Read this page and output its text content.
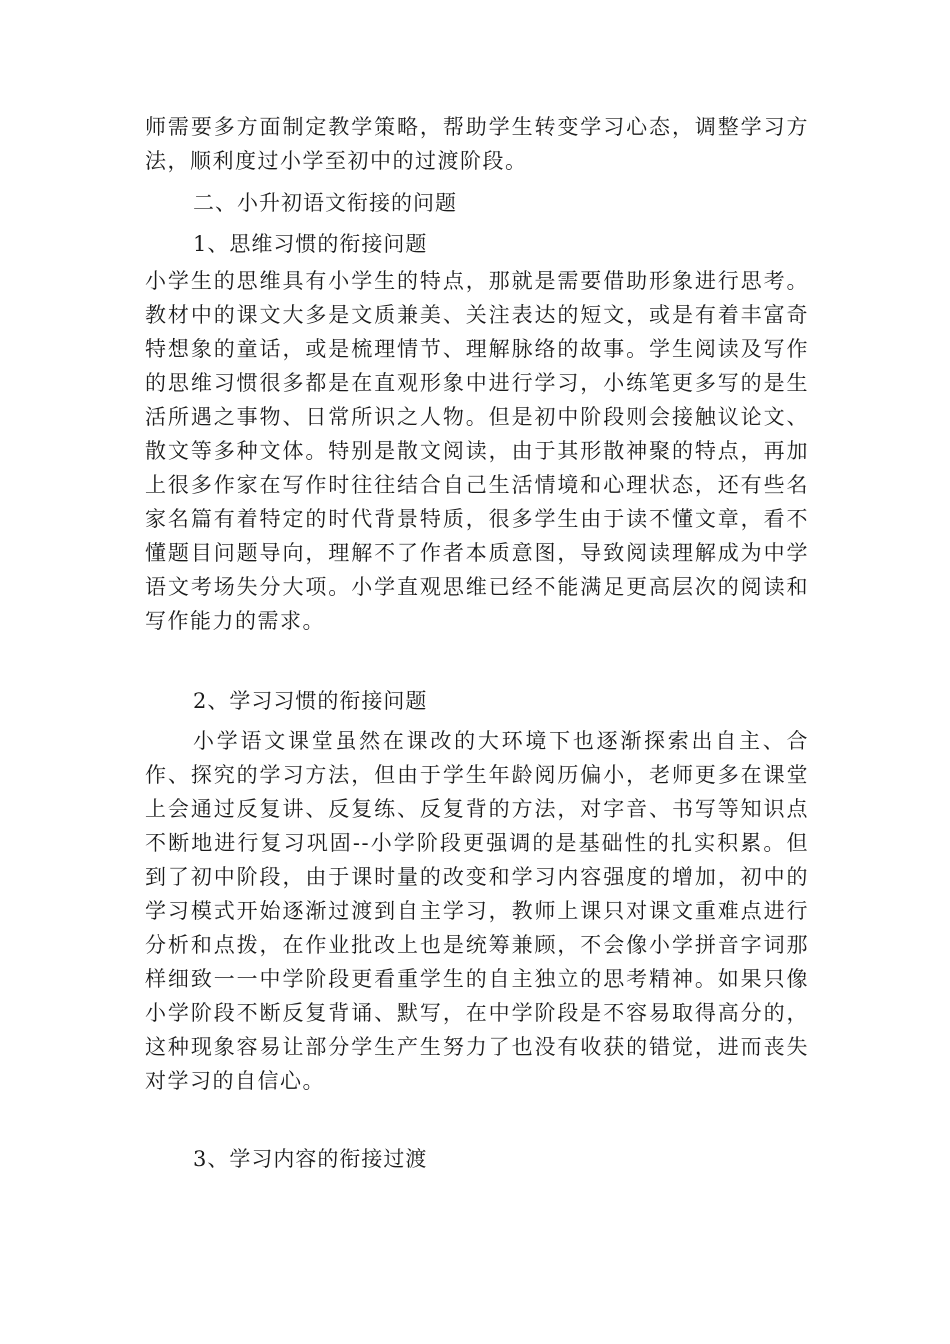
师需要多方面制定教学策略，帮助学生转变学习心态，调整学习方法，顺利度过小学至初中的过渡阶段。

二、小升初语文衔接的问题

1、思维习惯的衔接问题

小学生的思维具有小学生的特点，那就是需要借助形象进行思考。教材中的课文大多是文质兼美、关注表达的短文，或是有着丰富奇特想象的童话，或是梳理情节、理解脉络的故事。学生阅读及写作的思维习惯很多都是在直观形象中进行学习，小练笔更多写的是生活所遇之事物、日常所识之人物。但是初中阶段则会接触议论文、散文等多种文体。特别是散文阅读，由于其形散神聚的特点，再加上很多作家在写作时往往结合自己生活情境和心理状态，还有些名家名篇有着特定的时代背景特质，很多学生由于读不懂文章，看不懂题目问题导向，理解不了作者本质意图，导致阅读理解成为中学语文考场失分大项。小学直观思维已经不能满足更高层次的阅读和写作能力的需求。

2、学习习惯的衔接问题

小学语文课堂虽然在课改的大环境下也逐渐探索出自主、合作、探究的学习方法，但由于学生年龄阅历偏小，老师更多在课堂上会通过反复讲、反复练、反复背的方法，对字音、书写等知识点不断地进行复习巩固--小学阶段更强调的是基础性的扎实积累。但到了初中阶段，由于课时量的改变和学习内容强度的增加，初中的学习模式开始逐渐过渡到自主学习，教师上课只对课文重难点进行分析和点拨，在作业批改上也是统筹兼顾，不会像小学拼音字词那样细致一一中学阶段更看重学生的自主独立的思考精神。如果只像小学阶段不断反复背诵、默写，在中学阶段是不容易取得高分的，这种现象容易让部分学生产生努力了也没有收获的错觉，进而丧失对学习的自信心。

3、学习内容的衔接过渡
